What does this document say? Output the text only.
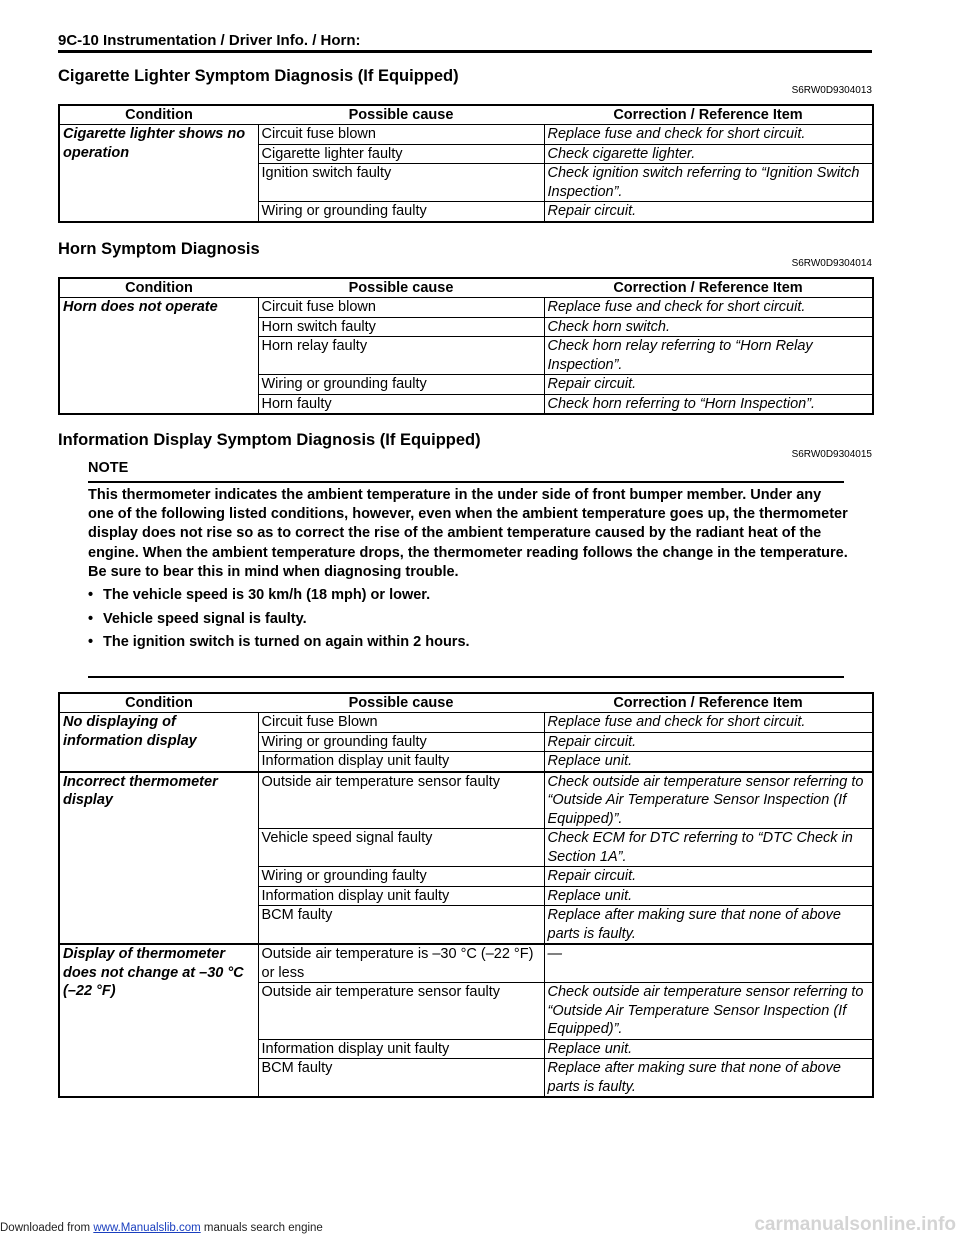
9C-10 Instrumentation / Driver Info. / Horn:
Cigarette Lighter Symptom Diagnosis (If Equipped)
S6RW0D9304013
Condition	Possible cause	Correction / Reference Item
Cigarette lighter shows no operation	Circuit fuse blown	Replace fuse and check for short circuit.
	Cigarette lighter faulty	Check cigarette lighter.
	Ignition switch faulty	Check ignition switch referring to “Ignition Switch Inspection”.
	Wiring or grounding faulty	Repair circuit.
Horn Symptom Diagnosis
S6RW0D9304014
Condition	Possible cause	Correction / Reference Item
Horn does not operate	Circuit fuse blown	Replace fuse and check for short circuit.
	Horn switch faulty	Check horn switch.
	Horn relay faulty	Check horn relay referring to “Horn Relay Inspection”.
	Wiring or grounding faulty	Repair circuit.
	Horn faulty	Check horn referring to “Horn Inspection”.
Information Display Symptom Diagnosis (If Equipped)
S6RW0D9304015
NOTE

This thermometer indicates the ambient temperature in the under side of front bumper member. Under any one of the following listed conditions, however, even when the ambient temperature goes up, the thermometer display does not rise so as to correct the rise of the ambient temperature caused by the radiant heat of the engine. When the ambient temperature drops, the thermometer reading follows the change in the temperature.

Be sure to bear this in mind when diagnosing trouble.

• The vehicle speed is 30 km/h (18 mph) or lower.
• Vehicle speed signal is faulty.
• The ignition switch is turned on again within 2 hours.
Condition	Possible cause	Correction / Reference Item
No displaying of information display	Circuit fuse Blown	Replace fuse and check for short circuit.
	Wiring or grounding faulty	Repair circuit.
	Information display unit faulty	Replace unit.
Incorrect thermometer display	Outside air temperature sensor faulty	Check outside air temperature sensor referring to “Outside Air Temperature Sensor Inspection (If Equipped)”.
	Vehicle speed signal faulty	Check ECM for DTC referring to “DTC Check in Section 1A”.
	Wiring or grounding faulty	Repair circuit.
	Information display unit faulty	Replace unit.
	BCM faulty	Replace after making sure that none of above parts is faulty.
Display of thermometer does not change at –30 °C (–22 °F)	Outside air temperature is –30 °C (–22 °F) or less	—
	Outside air temperature sensor faulty	Check outside air temperature sensor referring to “Outside Air Temperature Sensor Inspection (If Equipped)”.
	Information display unit faulty	Replace unit.
	BCM faulty	Replace after making sure that none of above parts is faulty.
Downloaded from www.Manualslib.com manuals search engine	carmanualsonline.info
